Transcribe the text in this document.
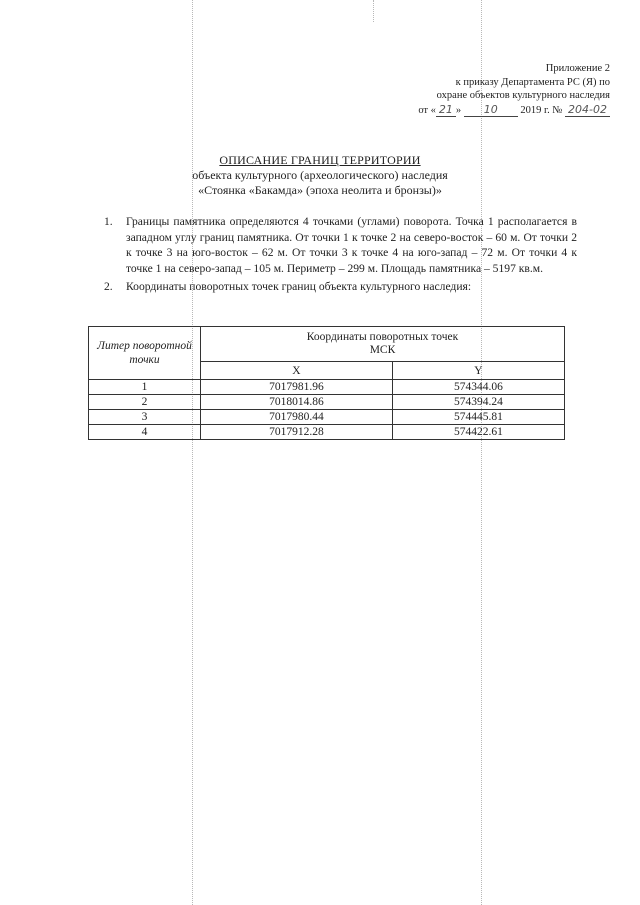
Приложение 2
к приказу Департамента РС (Я) по
охране объектов культурного наследия
от « 21 » 10 2019 г. № 204-02
ОПИСАНИЕ ГРАНИЦ ТЕРРИТОРИИ
объекта культурного (археологического) наследия
«Стоянка «Бакамда» (эпоха неолита и бронзы)»
1. Границы памятника определяются 4 точками (углами) поворота. Точка 1 располагается в западном углу границ памятника. От точки 1 к точке 2 на северо-восток – 60 м. От точки 2 к точке 3 на юго-восток – 62 м. От точки 3 к точке 4 на юго-запад – 72 м. От точки 4 к точке 1 на северо-запад – 105 м. Периметр – 299 м. Площадь памятника – 5197 кв.м.
2. Координаты поворотных точек границ объекта культурного наследия:
Литер поворотной точки	Координаты поворотных точек
МСК	

	X	Y
1	7017981.96	574344.06
2	7018014.86	574394.24
3	7017980.44	574445.81
4	7017912.28	574422.61
